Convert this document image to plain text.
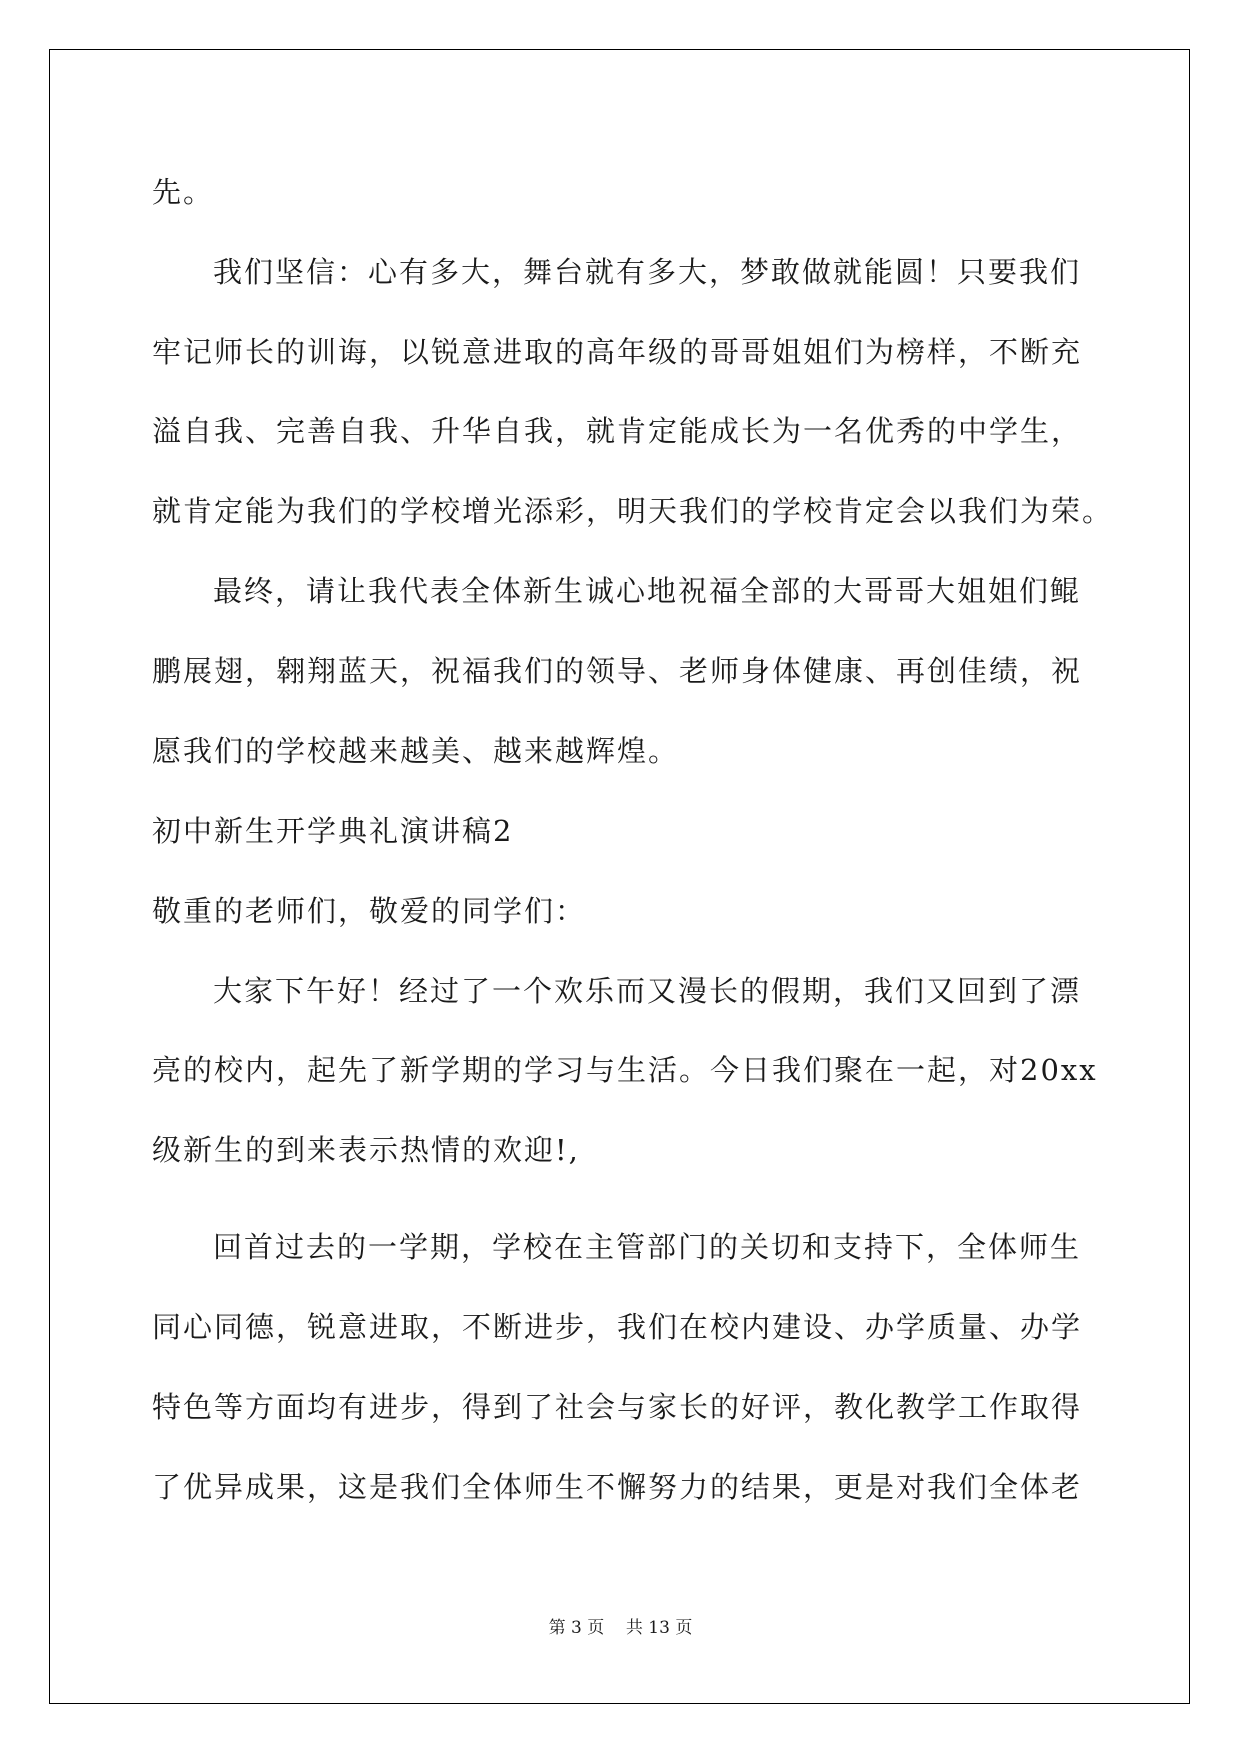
先。
我们坚信：心有多大，舞台就有多大，梦敢做就能圆！只要我们
牢记师长的训诲，以锐意进取的高年级的哥哥姐姐们为榜样，不断充
溢自我、完善自我、升华自我，就肯定能成长为一名优秀的中学生，
就肯定能为我们的学校增光添彩，明天我们的学校肯定会以我们为荣。
最终，请让我代表全体新生诚心地祝福全部的大哥哥大姐姐们鲲
鹏展翅，翱翔蓝天，祝福我们的领导、老师身体健康、再创佳绩，祝
愿我们的学校越来越美、越来越辉煌。
初中新生开学典礼演讲稿2
敬重的老师们，敬爱的同学们：
大家下午好！经过了一个欢乐而又漫长的假期，我们又回到了漂
亮的校内，起先了新学期的学习与生活。今日我们聚在一起，对20xx
级新生的到来表示热情的欢迎!,
回首过去的一学期，学校在主管部门的关切和支持下，全体师生
同心同德，锐意进取，不断进步，我们在校内建设、办学质量、办学
特色等方面均有进步，得到了社会与家长的好评，教化教学工作取得
了优异成果，这是我们全体师生不懈努力的结果，更是对我们全体老
第 3 页    共 13 页
